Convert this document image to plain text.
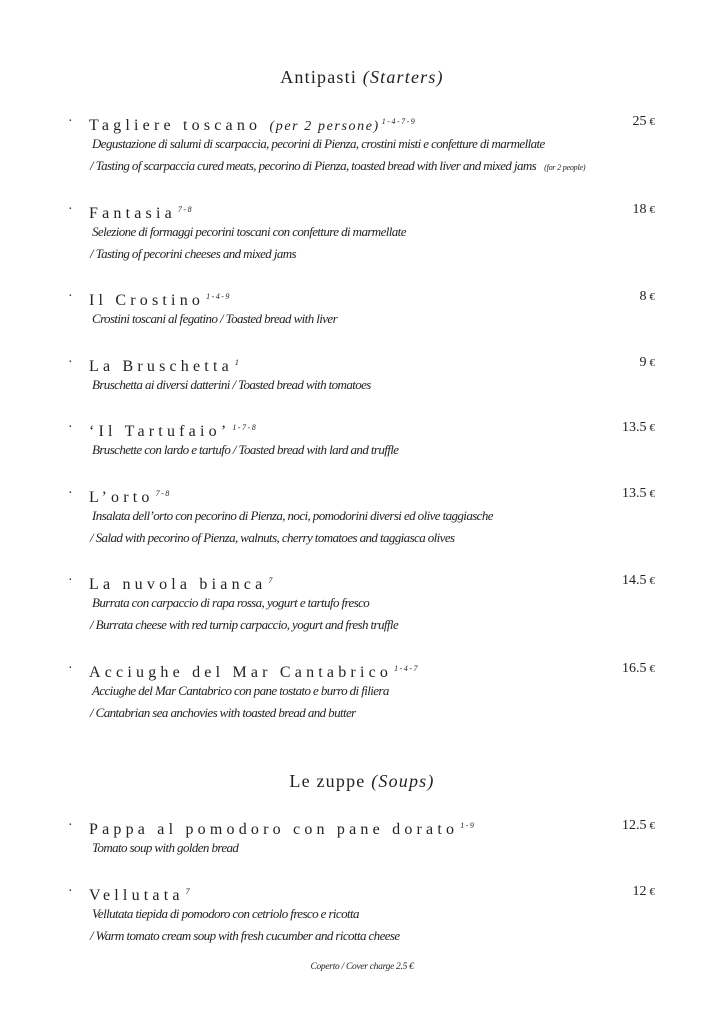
Antipasti (Starters)
· Tagliere toscano (per 2 persone) $^{1-4-7-9}$	25 €
Degustazione di salumi di scarpaccia, pecorini di Pienza, crostini misti e confetture di marmellate
/ Tasting of scarpaccia cured meats, pecorino di Pienza, toasted bread with liver and mixed jams (for 2 people)
· Fantasia $^{7-8}$	18 €
Selezione di formaggi pecorini toscani con confetture di marmellate
/ Tasting of pecorini cheeses and mixed jams
· Il Crostino $^{1-4-9}$	8 €
Crostini toscani al fegatino / Toasted bread with liver
· La Bruschetta $^1$	9 €
Bruschetta ai diversi datterini / Toasted bread with tomatoes
· ‘Il Tartufaio’ $^{1-7-8}$	13.5 €
Bruschette con lardo e tartufo / Toasted bread with lard and truffle
· L’orto $^{7-8}$	13.5 €
Insalata dell’orto con pecorino di Pienza, noci, pomodorini diversi ed olive taggiasche
/ Salad with pecorino of Pienza, walnuts, cherry tomatoes and taggiasca olives
· La nuvola bianca $^7$	14.5 €
Burrata con carpaccio di rapa rossa, yogurt e tartufo fresco
/ Burrata cheese with red turnip carpaccio, yogurt and fresh truffle
· Acciughe del Mar Cantabrico $^{1-4-7}$	16.5 €
Acciughe del Mar Cantabrico con pane tostato e burro di filiera
/ Cantabrian sea anchovies with toasted bread and butter
Le zuppe (Soups)
· Pappa al pomodoro con pane dorato $^{1-9}$	12.5 €
Tomato soup with golden bread
· Vellutata $^7$	12 €
Vellutata tiepida di pomodoro con cetriolo fresco e ricotta
/ Warm tomato cream soup with fresh cucumber and ricotta cheese
Coperto / Cover charge 2.5 €
